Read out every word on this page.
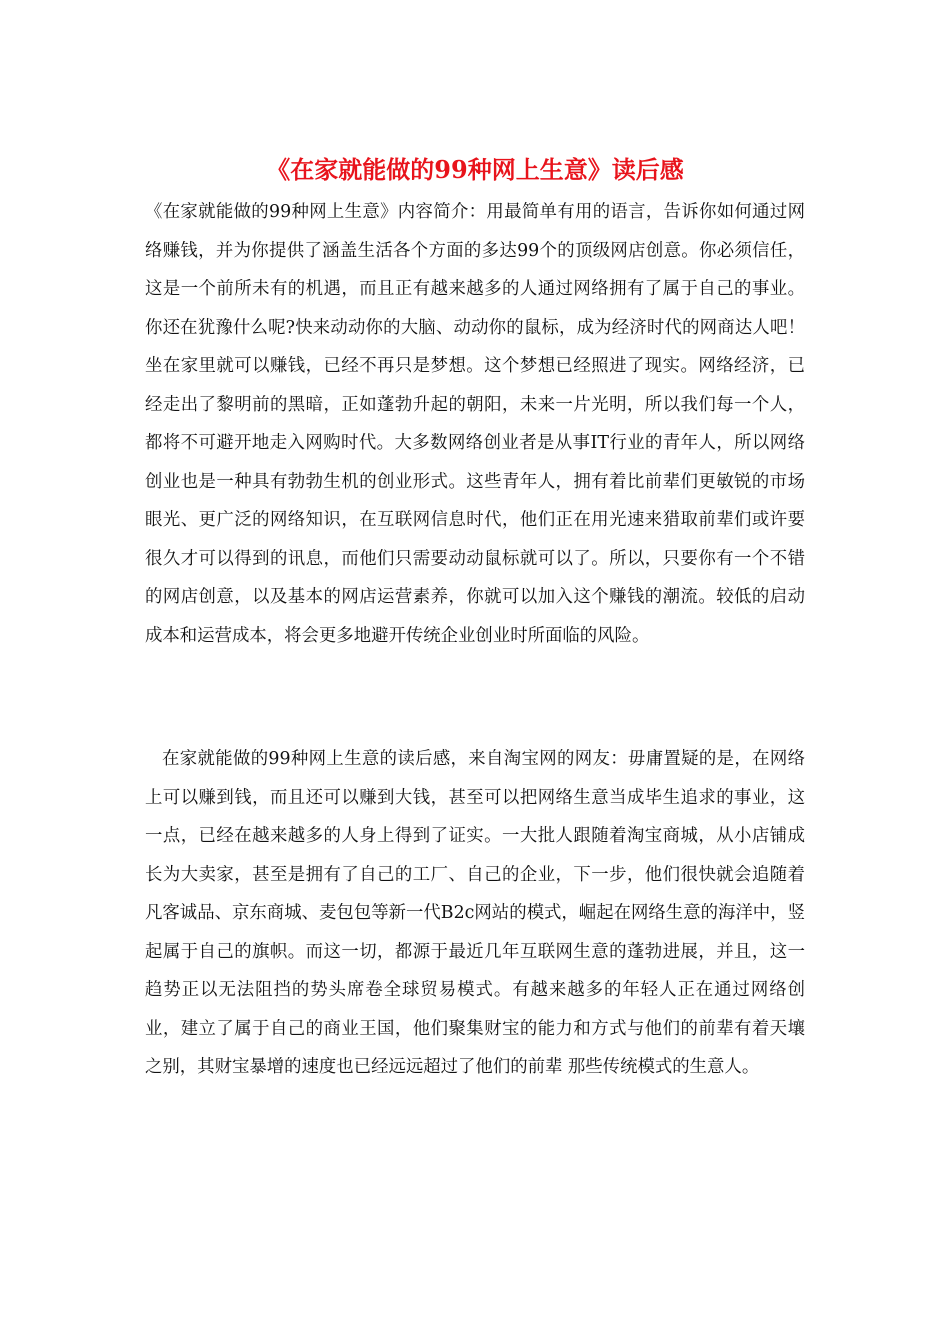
《在家就能做的99种网上生意》读后感

《在家就能做的99种网上生意》内容简介：用最简单有用的语言，告诉你如何通过网络赚钱，并为你提供了涵盖生活各个方面的多达99个的顶级网店创意。你必须信任，这是一个前所未有的机遇，而且正有越来越多的人通过网络拥有了属于自己的事业。你还在犹豫什么呢?快来动动你的大脑、动动你的鼠标，成为经济时代的网商达人吧！坐在家里就可以赚钱，已经不再只是梦想。这个梦想已经照进了现实。网络经济，已经走出了黎明前的黑暗，正如蓬勃升起的朝阳，未来一片光明，所以我们每一个人，都将不可避开地走入网购时代。大多数网络创业者是从事IT行业的青年人，所以网络创业也是一种具有勃勃生机的创业形式。这些青年人，拥有着比前辈们更敏锐的市场眼光、更广泛的网络知识，在互联网信息时代，他们正在用光速来猎取前辈们或许要很久才可以得到的讯息，而他们只需要动动鼠标就可以了。所以，只要你有一个不错的网店创意，以及基本的网店运营素养，你就可以加入这个赚钱的潮流。较低的启动成本和运营成本，将会更多地避开传统企业创业时所面临的风险。

在家就能做的99种网上生意的读后感，来自淘宝网的网友：毋庸置疑的是，在网络上可以赚到钱，而且还可以赚到大钱，甚至可以把网络生意当成毕生追求的事业，这一点，已经在越来越多的人身上得到了证实。一大批人跟随着淘宝商城，从小店铺成长为大卖家，甚至是拥有了自己的工厂、自己的企业，下一步，他们很快就会追随着凡客诚品、京东商城、麦包包等新一代B2c网站的模式，崛起在网络生意的海洋中，竖起属于自己的旗帜。而这一切，都源于最近几年互联网生意的蓬勃进展，并且，这一趋势正以无法阻挡的势头席卷全球贸易模式。有越来越多的年轻人正在通过网络创业，建立了属于自己的商业王国，他们聚集财宝的能力和方式与他们的前辈有着天壤之别，其财宝暴增的速度也已经远远超过了他们的前辈 那些传统模式的生意人。
